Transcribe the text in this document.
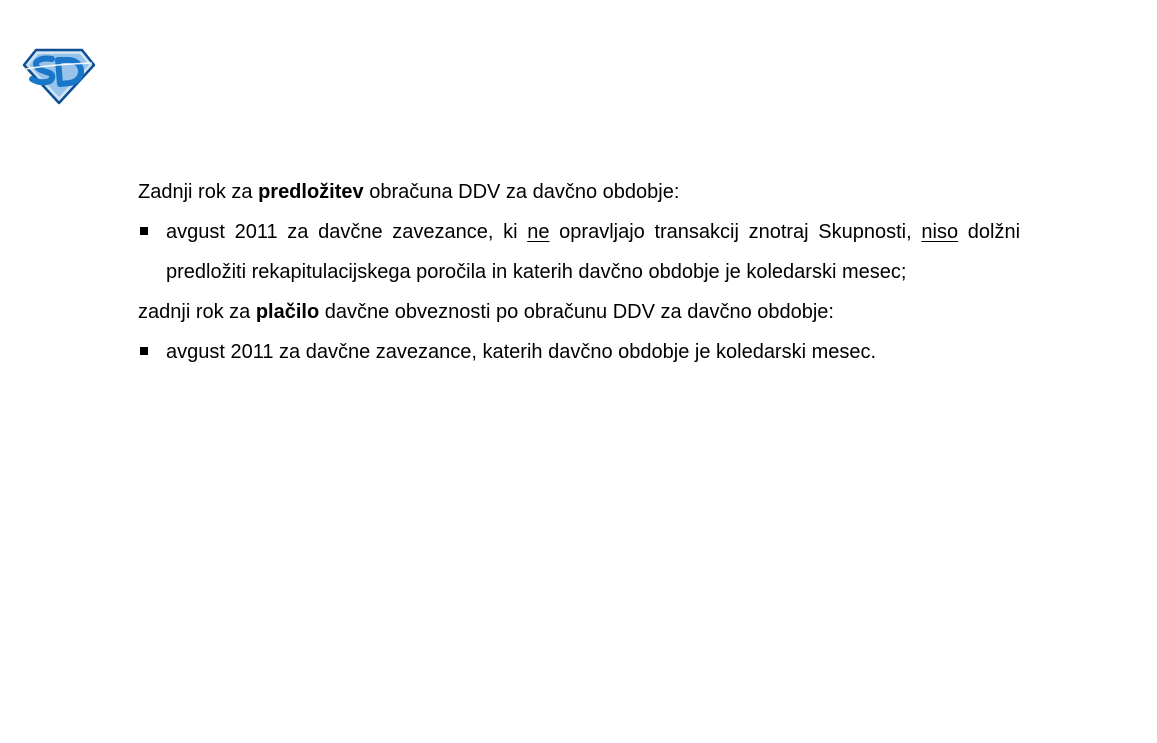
Zadnji rok za predložitev obračuna DDV za davčno obdobje:

avgust 2011 za davčne zavezance, ki ne opravljajo transakcij znotraj Skupnosti, niso dolžni predložiti rekapitulacijskega poročila in katerih davčno obdobje je koledarski mesec;

zadnji rok za plačilo davčne obveznosti po obračunu DDV za davčno obdobje:

avgust 2011 za davčne zavezance, katerih davčno obdobje je koledarski mesec.
